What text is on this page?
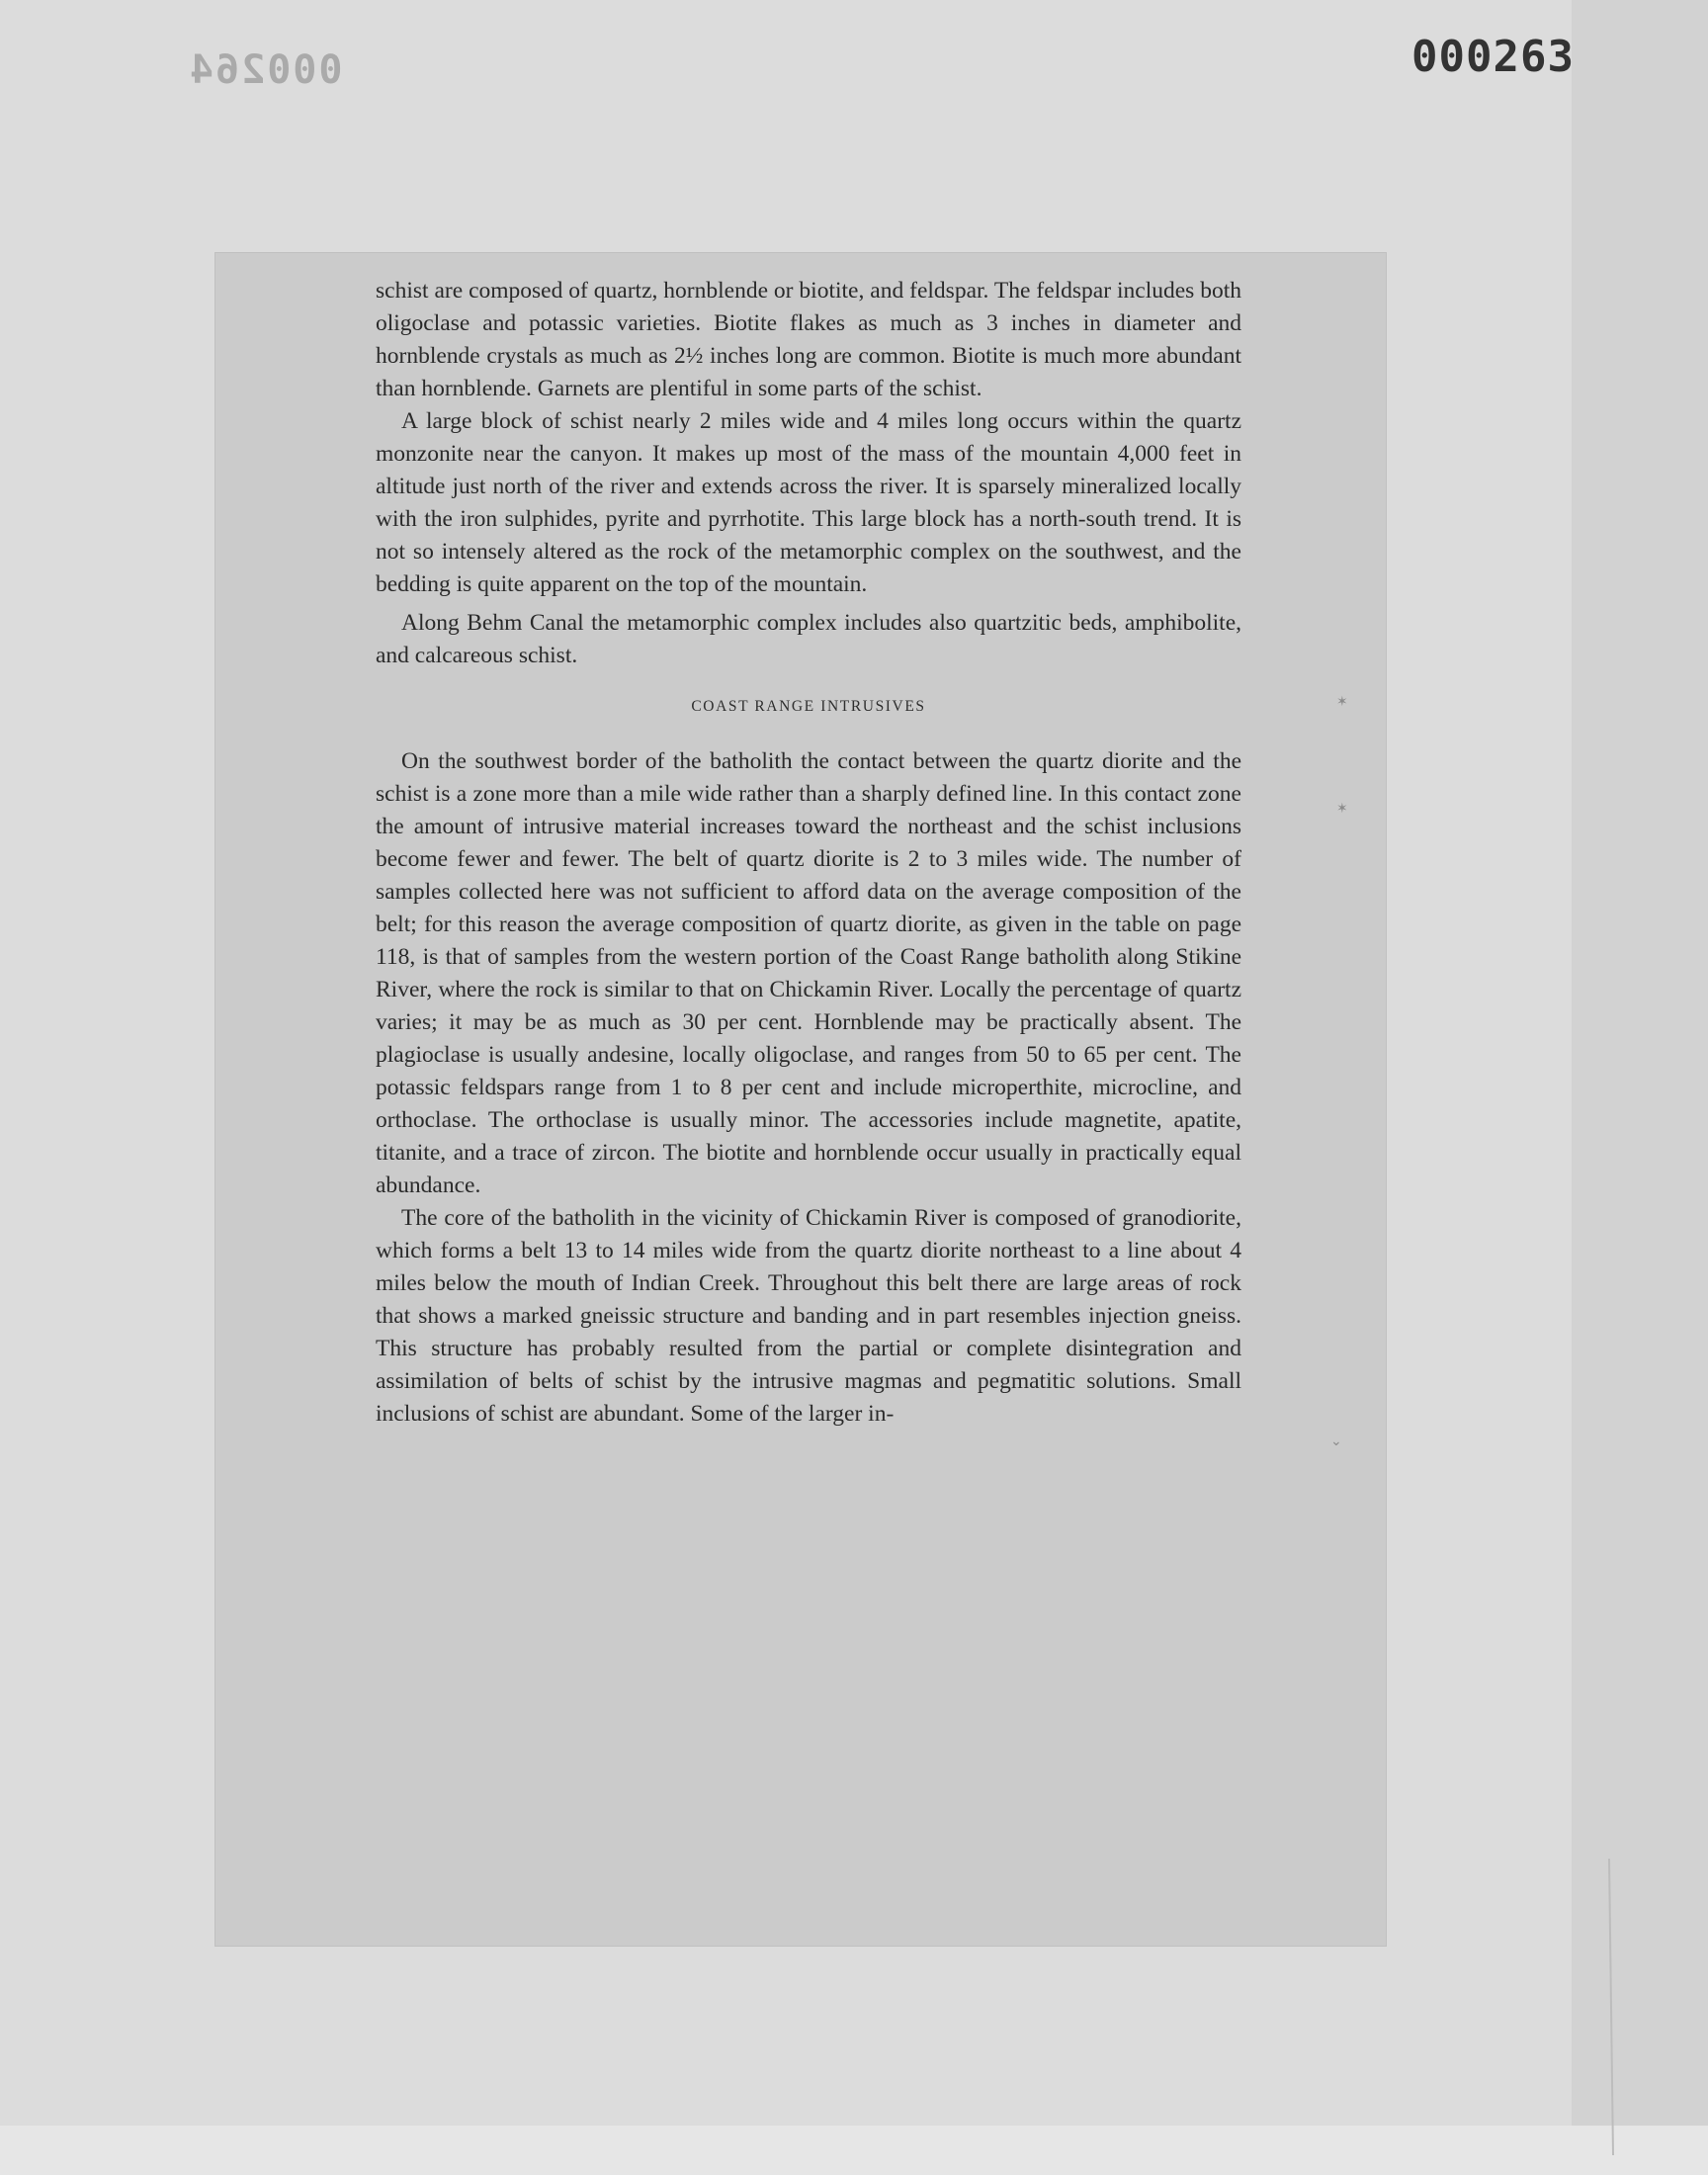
000264	000263
✶
✶
⌄

schist are composed of quartz, hornblende or biotite, and feldspar. The feldspar includes both oligoclase and potassic varieties. Biotite flakes as much as 3 inches in diameter and hornblende crystals as much as 2½ inches long are common. Biotite is much more abundant than hornblende. Garnets are plentiful in some parts of the schist.

A large block of schist nearly 2 miles wide and 4 miles long occurs within the quartz monzonite near the canyon. It makes up most of the mass of the mountain 4,000 feet in altitude just north of the river and extends across the river. It is sparsely mineralized locally with the iron sulphides, pyrite and pyrrhotite. This large block has a north-south trend. It is not so intensely altered as the rock of the metamorphic complex on the southwest, and the bedding is quite apparent on the top of the mountain.

Along Behm Canal the metamorphic complex includes also quartzitic beds, amphibolite, and calcareous schist.

COAST RANGE INTRUSIVES

On the southwest border of the batholith the contact between the quartz diorite and the schist is a zone more than a mile wide rather than a sharply defined line. In this contact zone the amount of intrusive material increases toward the northeast and the schist inclusions become fewer and fewer. The belt of quartz diorite is 2 to 3 miles wide. The number of samples collected here was not sufficient to afford data on the average composition of the belt; for this reason the average composition of quartz diorite, as given in the table on page 118, is that of samples from the western portion of the Coast Range batholith along Stikine River, where the rock is similar to that on Chickamin River. Locally the percentage of quartz varies; it may be as much as 30 per cent. Hornblende may be practically absent. The plagioclase is usually andesine, locally oligoclase, and ranges from 50 to 65 per cent. The potassic feldspars range from 1 to 8 per cent and include microperthite, microcline, and orthoclase. The orthoclase is usually minor. The accessories include magnetite, apatite, titanite, and a trace of zircon. The biotite and hornblende occur usually in practically equal abundance.

The core of the batholith in the vicinity of Chickamin River is composed of granodiorite, which forms a belt 13 to 14 miles wide from the quartz diorite northeast to a line about 4 miles below the mouth of Indian Creek. Throughout this belt there are large areas of rock that shows a marked gneissic structure and banding and in part resembles injection gneiss. This structure has probably resulted from the partial or complete disintegration and assimilation of belts of schist by the intrusive magmas and pegmatitic solutions. Small inclusions of schist are abundant. Some of the larger in-
